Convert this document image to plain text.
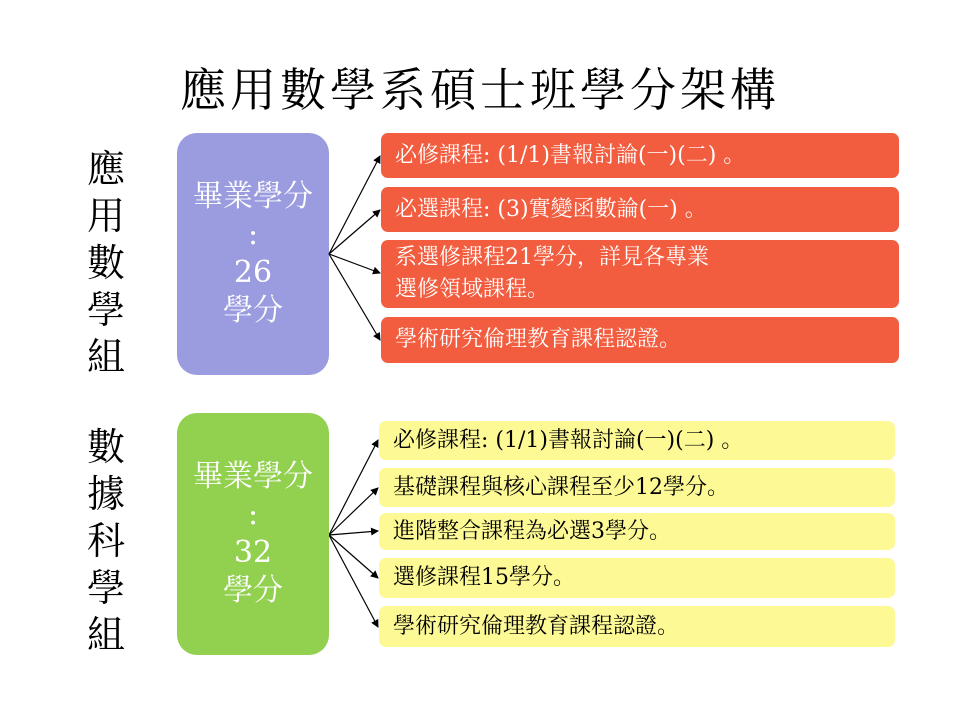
應用數學系碩士班學分架構
應
用
數
學
組
畢業學分
:
26
學分
必修課程: (1/1)書報討論(一)(二) 。
必選課程: (3)實變函數論(一) 。
系選修課程21學分，詳見各專業
選修領域課程。
學術研究倫理教育課程認證。
數
據
科
學
組
畢業學分
:
32
學分
必修課程: (1/1)書報討論(一)(二) 。
基礎課程與核心課程至少12學分。
進階整合課程為必選3學分。
選修課程15學分。
學術研究倫理教育課程認證。
